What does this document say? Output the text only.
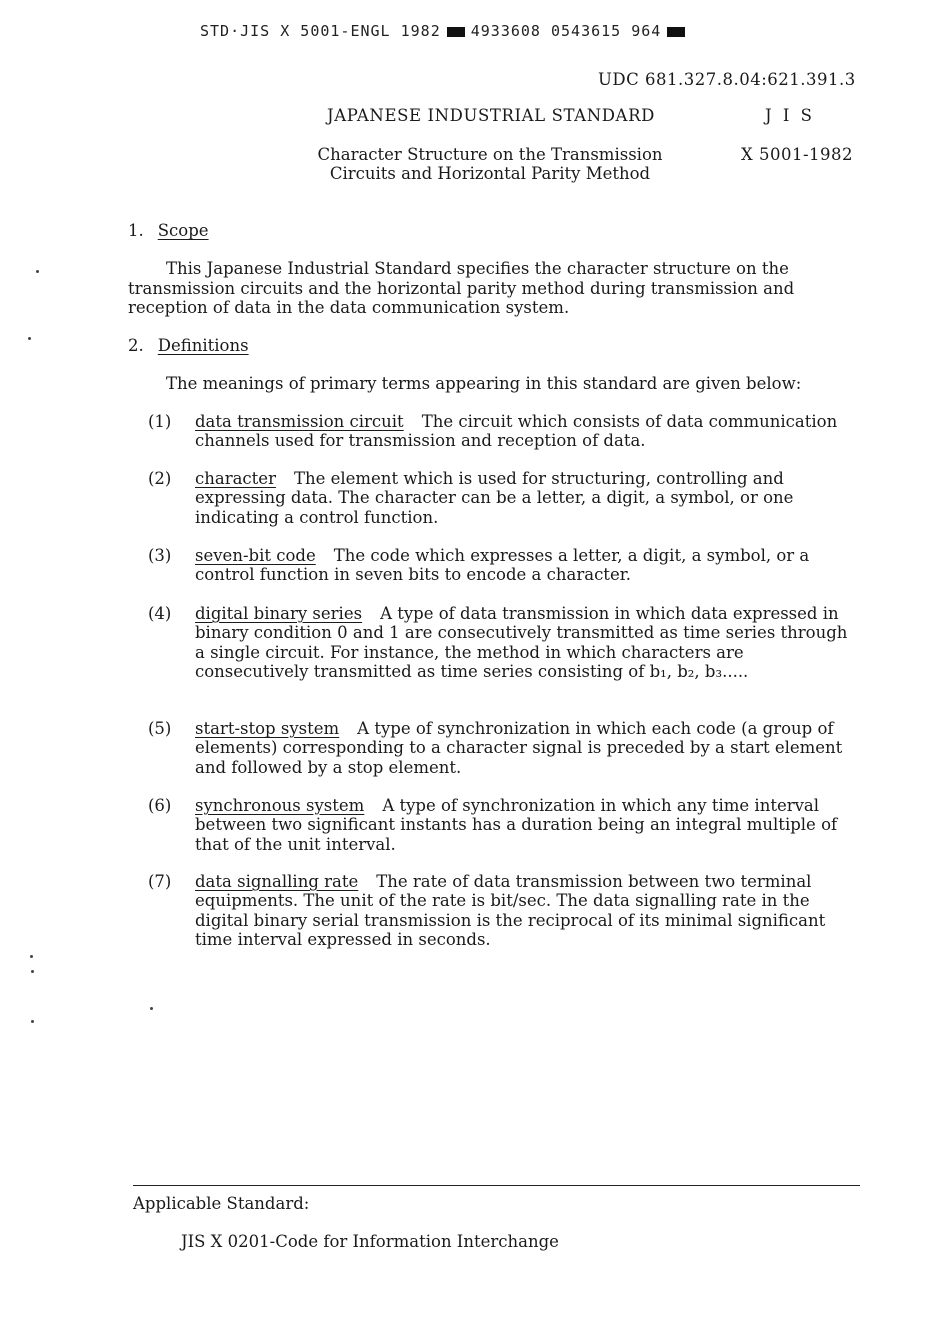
STD·JIS X 5001-ENGL 1982 4933608 0543615 964
UDC 681.327.8.04:621.391.3
JAPANESE INDUSTRIAL STANDARD	J I S
Character Structure on the Transmission Circuits and Horizontal Parity Method
X 5001-1982
1. Scope
This Japanese Industrial Standard specifies the character structure on the transmission circuits and the horizontal parity method during transmission and reception of data in the data communication system.
2. Definitions
The meanings of primary terms appearing in this standard are given below:
(1) data transmission circuit The circuit which consists of data communication channels used for transmission and reception of data.
(2) character The element which is used for structuring, controlling and expressing data. The character can be a letter, a digit, a symbol, or one indicating a control function.
(3) seven-bit code The code which expresses a letter, a digit, a symbol, or a control function in seven bits to encode a character.
(4) digital binary series A type of data transmission in which data expressed in binary condition 0 and 1 are consecutively transmitted as time series through a single circuit. For instance, the method in which characters are consecutively transmitted as time series consisting of b₁, b₂, b₃.....
(5) start-stop system A type of synchronization in which each code (a group of elements) corresponding to a character signal is preceded by a start element and followed by a stop element.
(6) synchronous system A type of synchronization in which any time interval between two significant instants has a duration being an integral multiple of that of the unit interval.
(7) data signalling rate The rate of data transmission between two terminal equipments. The unit of the rate is bit/sec. The data signalling rate in the digital binary serial transmission is the reciprocal of its minimal significant time interval expressed in seconds.
Applicable Standard:
JIS X 0201-Code for Information Interchange
